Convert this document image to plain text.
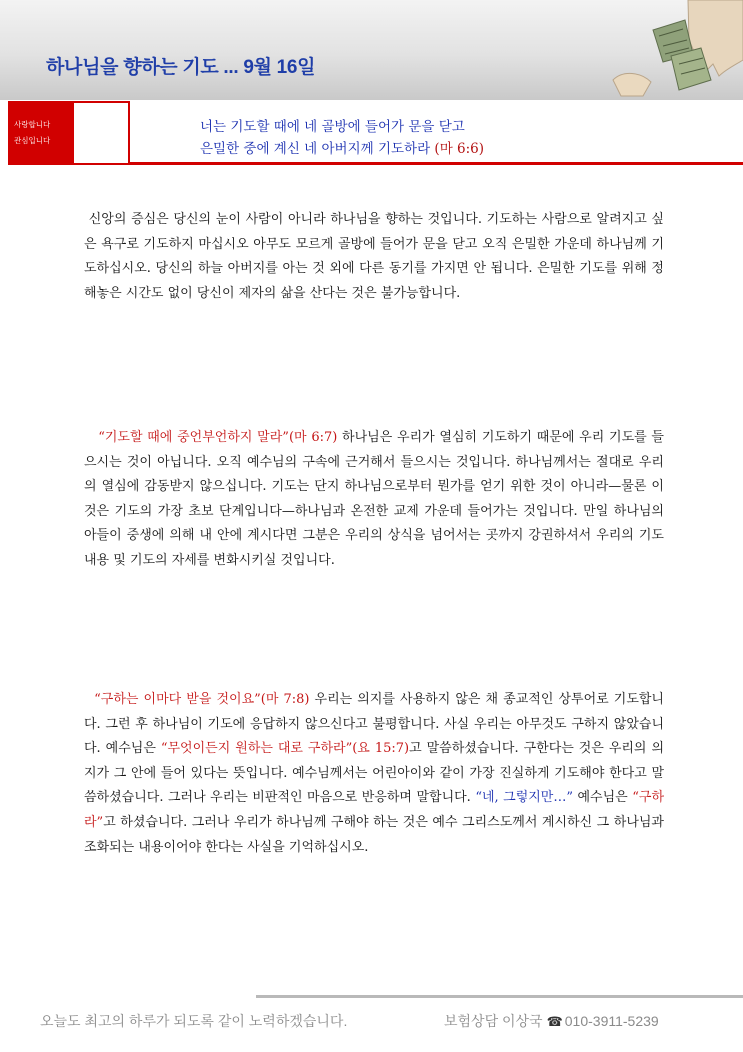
하나님을 향하는 기도 ... 9월 16일
사랑합니다
관심입니다
너는 기도할 때에 네 골방에 들어가 문을 닫고
은밀한 중에 계신 네 아버지께 기도하라 (마 6:6)
신앙의 증심은 당신의 눈이 사람이 아니라 하나님을 향하는 것입니다. 기도하는 사람으로 알려지고 싶은 욕구로 기도하지 마십시오 아무도 모르게 골방에 들어가 문을 닫고 오직 은밀한 가운데 하나님께 기도하십시오. 당신의 하늘 아버지를 아는 것 외에 다른 동기를 가지면 안 됩니다. 은밀한 기도를 위해 정해놓은 시간도 없이 당신이 제자의 삶을 산다는 것은 불가능합니다.
“기도할 때에 중언부언하지 말라”(마 6:7) 하나님은 우리가 열심히 기도하기 때문에 우리 기도를 들으시는 것이 아닙니다. 오직 예수님의 구속에 근거해서 들으시는 것입니다. 하나님께서는 절대로 우리의 열심에 감동받지 않으십니다. 기도는 단지 하나님으로부터 뭔가를 얻기 위한 것이 아니라—물론 이것은 기도의 가장 초보 단계입니다—하나님과 온전한 교제 가운데 들어가는 것입니다. 만일 하나님의 아들이 중생에 의해 내 안에 계시다면 그분은 우리의 상식을 넘어서는 곳까지 강권하셔서 우리의 기도 내용 및 기도의 자세를 변화시키실 것입니다.
“구하는 이마다 받을 것이요”(마 7:8) 우리는 의지를 사용하지 않은 채 종교적인 상투어로 기도합니다. 그런 후 하나님이 기도에 응답하지 않으신다고 불평합니다. 사실 우리는 아무것도 구하지 않았습니다. 예수님은 “무엇이든지 원하는 대로 구하라”(요 15:7)고 말씀하셨습니다. 구한다는 것은 우리의 의지가 그 안에 들어 있다는 뜻입니다. 예수님께서는 어린아이와 같이 가장 진실하게 기도해야 한다고 말씀하셨습니다. 그러나 우리는 비판적인 마음으로 반응하며 말합니다. “네, 그렇지만…” 예수님은 “구하라”고 하셨습니다. 그러나 우리가 하나님께 구해야 하는 것은 예수 그리스도께서 계시하신 그 하나님과 조화되는 내용이어야 한다는 사실을 기억하십시오.
오늘도 최고의 하루가 되도록 같이 노력하겠습니다.	보험상담 이상국 ☎ 010-3911-5239
